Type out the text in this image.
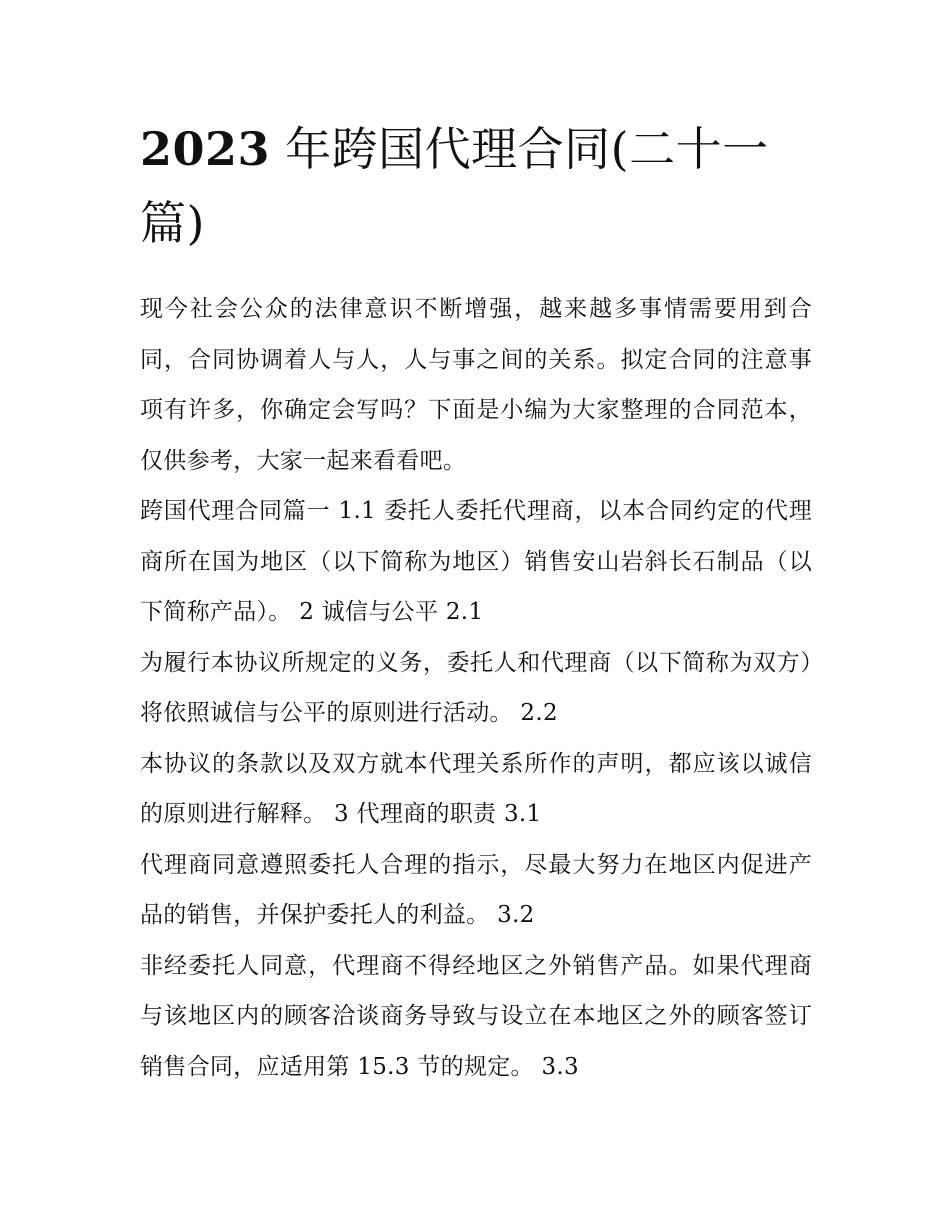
2023 年跨国代理合同(二十一篇)

现今社会公众的法律意识不断增强，越来越多事情需要用到合同，合同协调着人与人，人与事之间的关系。拟定合同的注意事项有许多，你确定会写吗？下面是小编为大家整理的合同范本，仅供参考，大家一起来看看吧。

跨国代理合同篇一 1.1 委托人委托代理商，以本合同约定的代理商所在国为地区（以下简称为地区）销售安山岩斜长石制品（以下简称产品）。 2 诚信与公平 2.1

为履行本协议所规定的义务，委托人和代理商（以下简称为双方）将依照诚信与公平的原则进行活动。 2.2

本协议的条款以及双方就本代理关系所作的声明，都应该以诚信的原则进行解释。 3 代理商的职责 3.1

代理商同意遵照委托人合理的指示，尽最大努力在地区内促进产品的销售，并保护委托人的利益。 3.2

非经委托人同意，代理商不得经地区之外销售产品。如果代理商与该地区内的顾客洽谈商务导致与设立在本地区之外的顾客签订销售合同，应适用第 15.3 节的规定。 3.3
